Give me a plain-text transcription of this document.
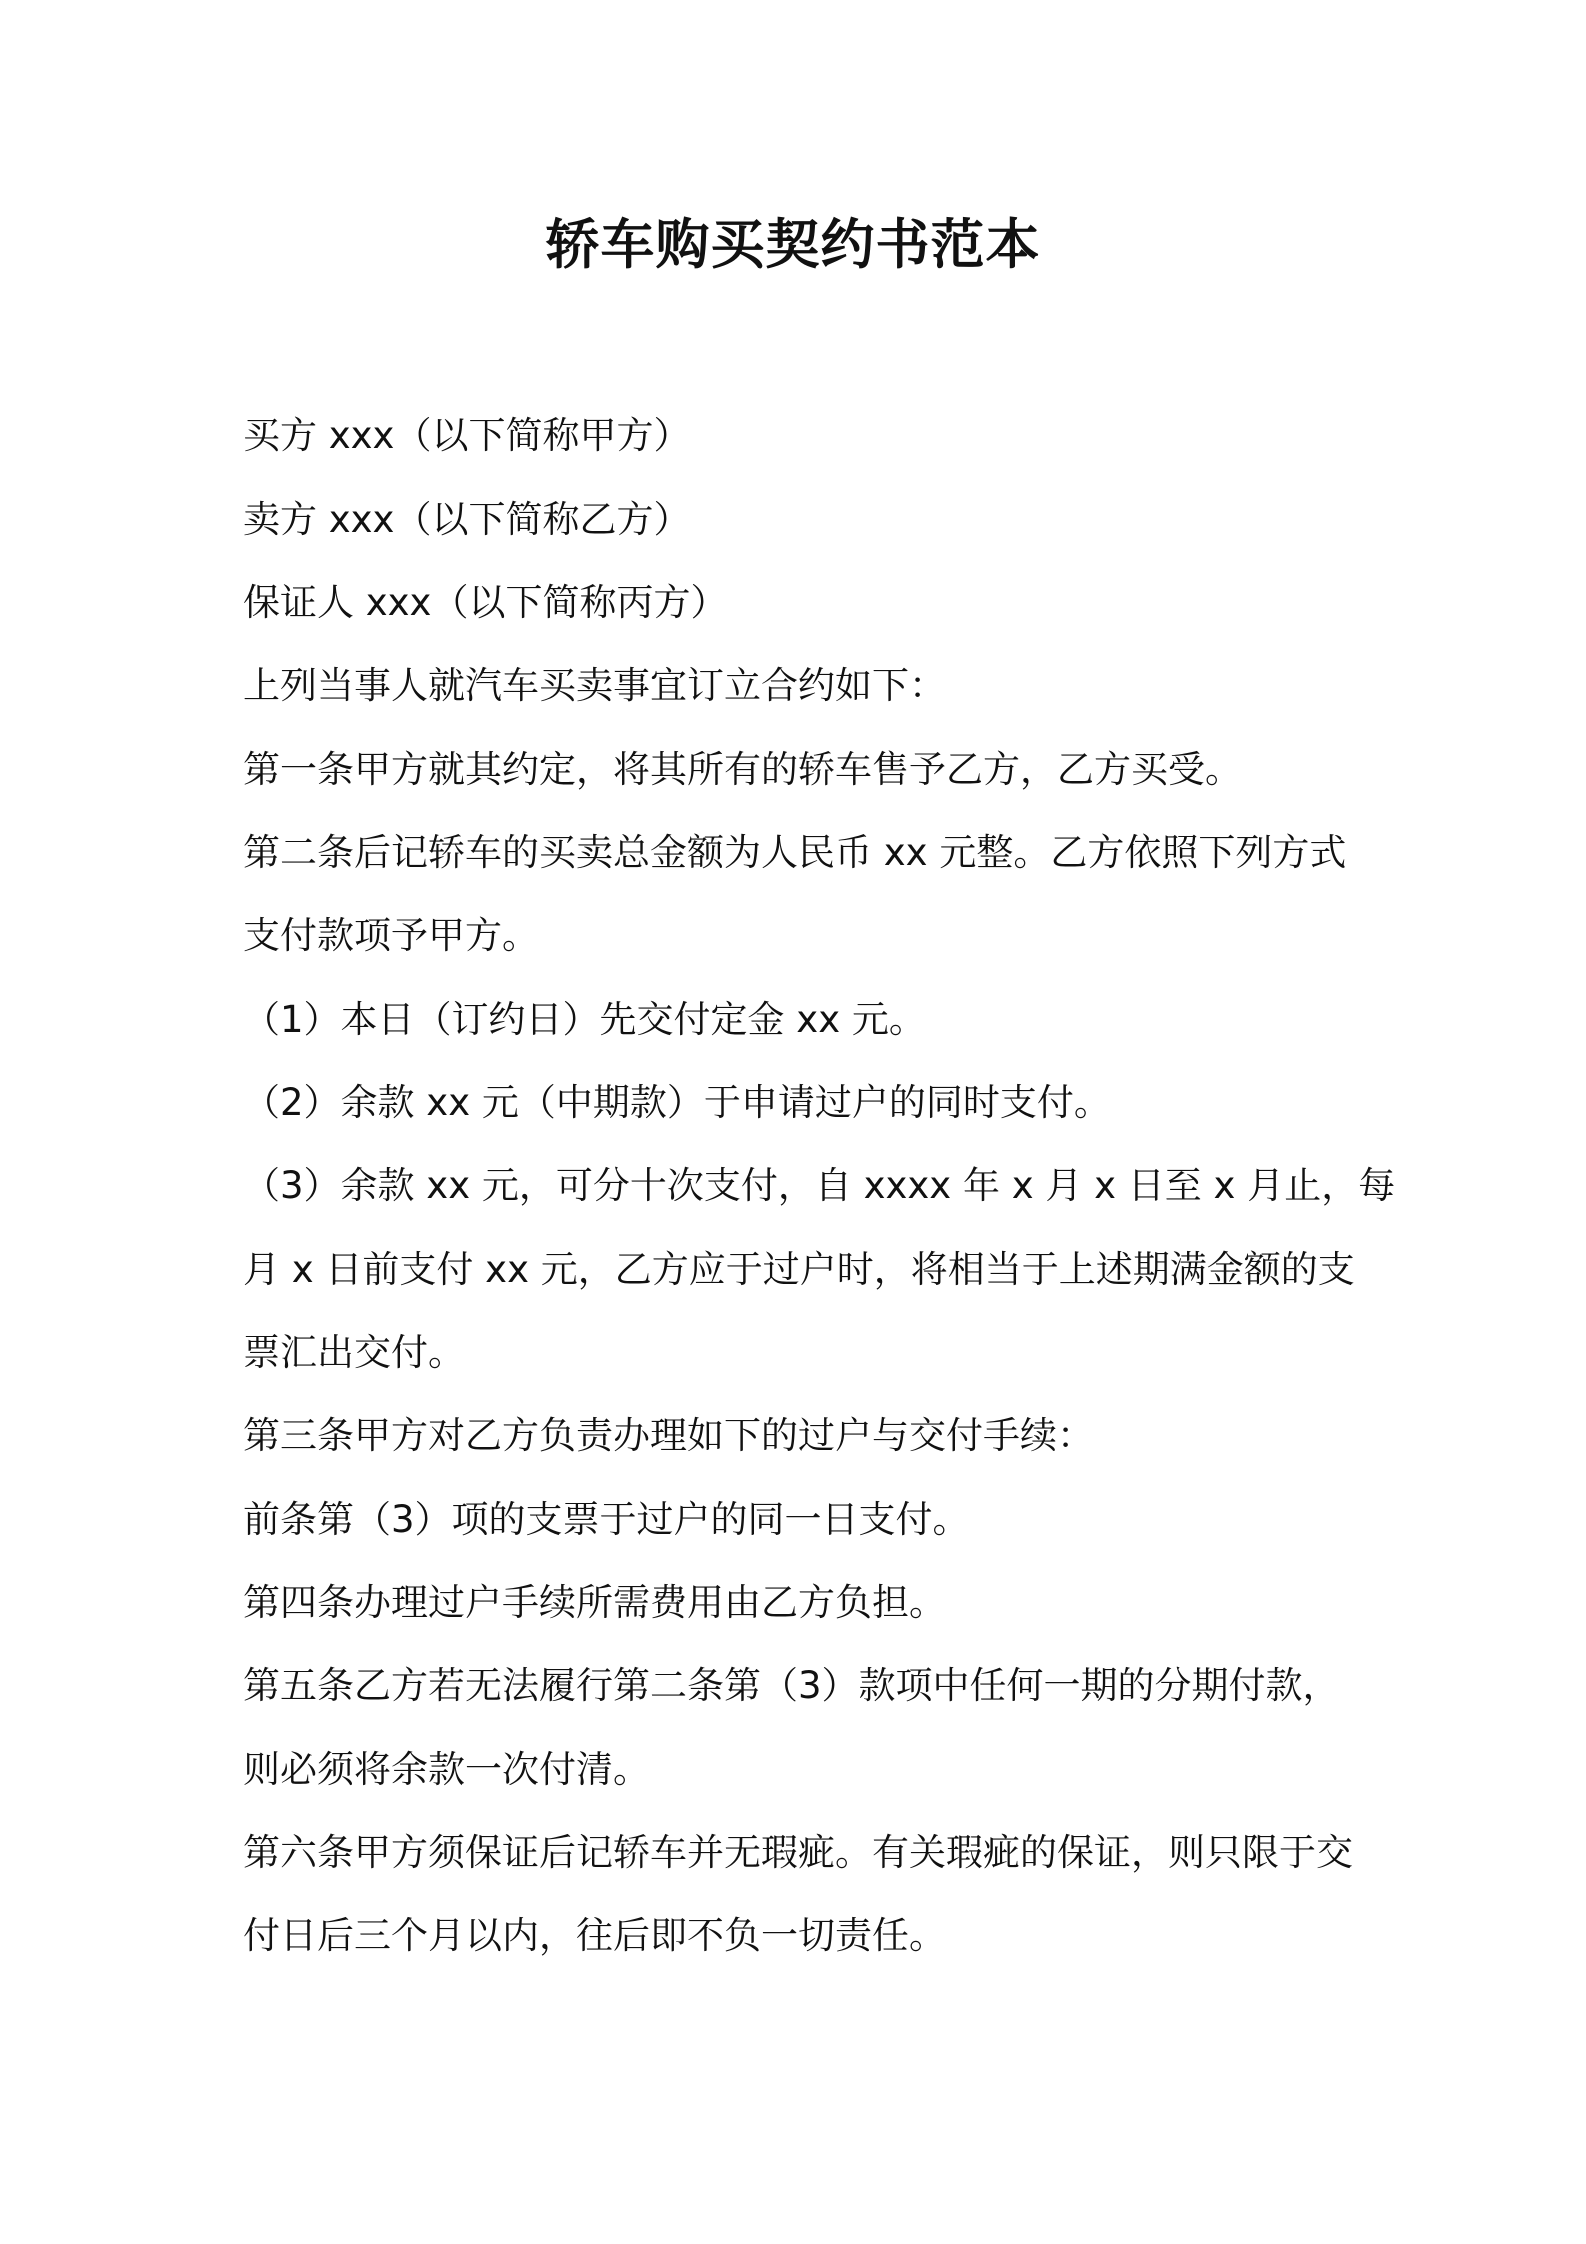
轿车购买契约书范本
买方 xxx（以下简称甲方）
卖方 xxx（以下简称乙方）
保证人 xxx（以下简称丙方）
上列当事人就汽车买卖事宜订立合约如下：
第一条甲方就其约定，将其所有的轿车售予乙方，乙方买受。
第二条后记轿车的买卖总金额为人民币 xx 元整。乙方依照下列方式
支付款项予甲方。
（1）本日（订约日）先交付定金 xx 元。
（2）余款 xx 元（中期款）于申请过户的同时支付。
（3）余款 xx 元，可分十次支付，自 xxxx 年 x 月 x 日至 x 月止，每
月 x 日前支付 xx 元，乙方应于过户时，将相当于上述期满金额的支
票汇出交付。
第三条甲方对乙方负责办理如下的过户与交付手续：
前条第（3）项的支票于过户的同一日支付。
第四条办理过户手续所需费用由乙方负担。
第五条乙方若无法履行第二条第（3）款项中任何一期的分期付款，
则必须将余款一次付清。
第六条甲方须保证后记轿车并无瑕疵。有关瑕疵的保证，则只限于交
付日后三个月以内，往后即不负一切责任。
